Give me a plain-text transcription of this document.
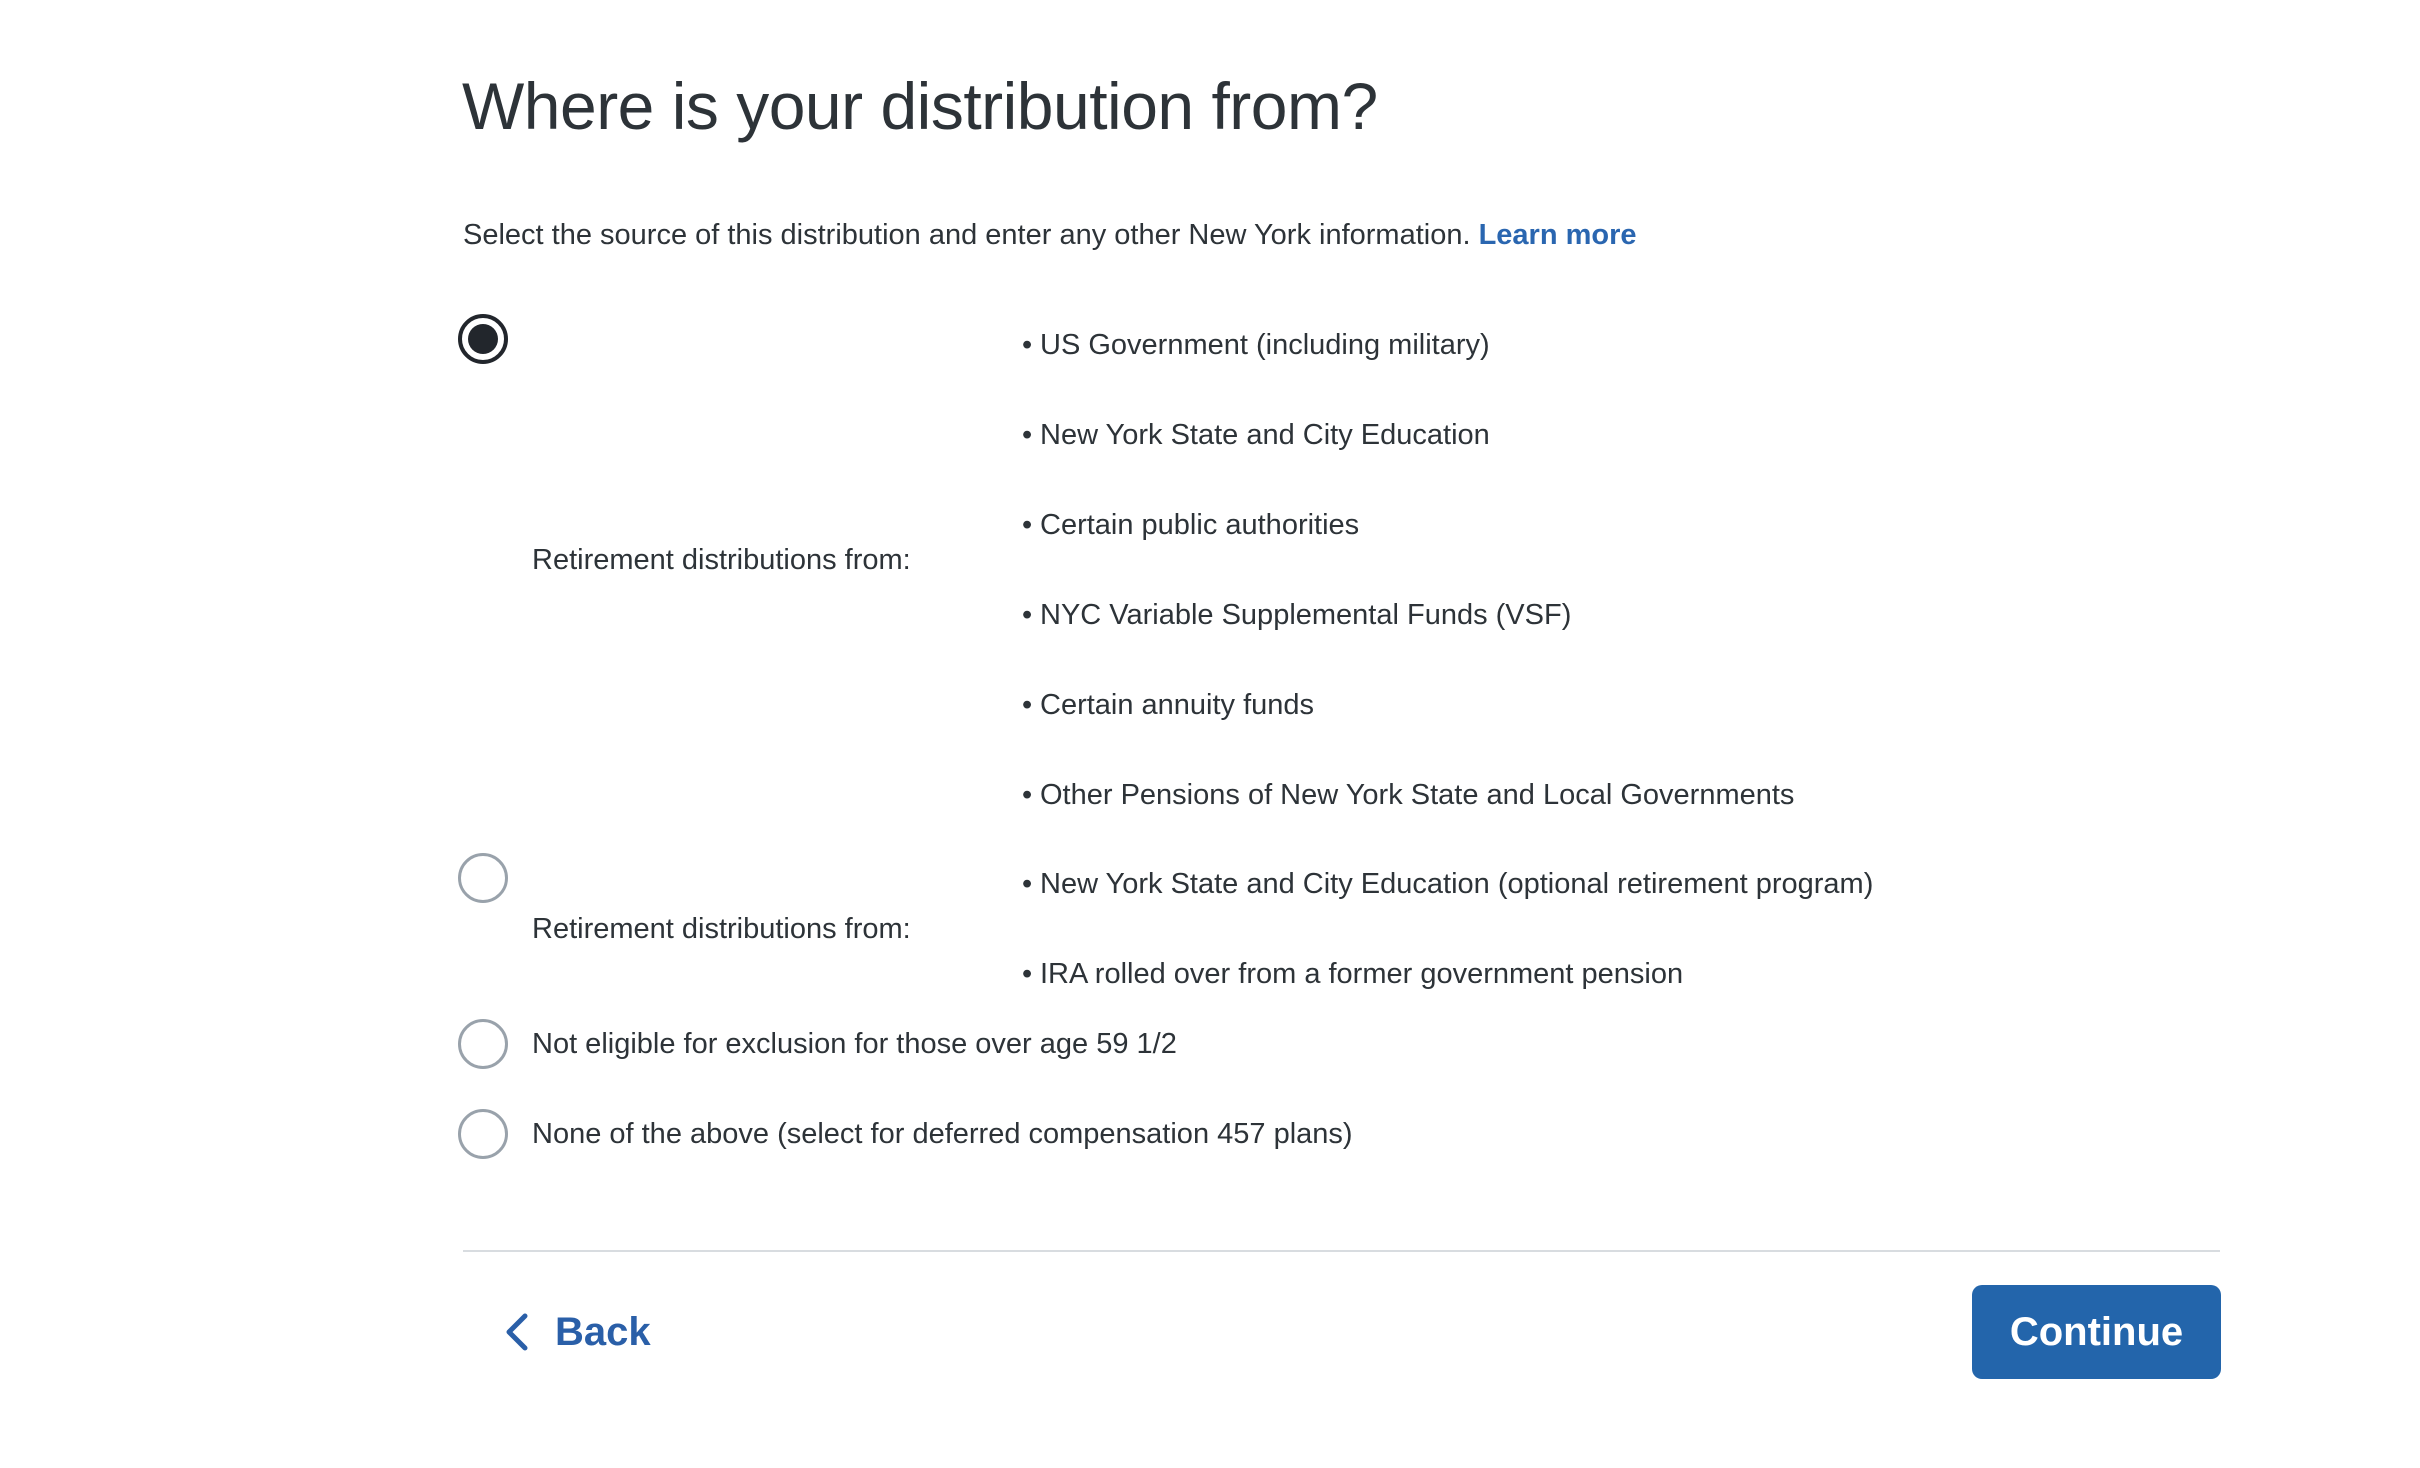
Where is your distribution from?
Select the source of this distribution and enter any other New York information. Learn more
Retirement distributions from:
• US Government (including military)
• New York State and City Education
• Certain public authorities
• NYC Variable Supplemental Funds (VSF)
• Certain annuity funds
• Other Pensions of New York State and Local Governments
Retirement distributions from:
• New York State and City Education (optional retirement program)
• IRA rolled over from a former government pension
Not eligible for exclusion for those over age 59 1/2
None of the above (select for deferred compensation 457 plans)
Back	Continue
